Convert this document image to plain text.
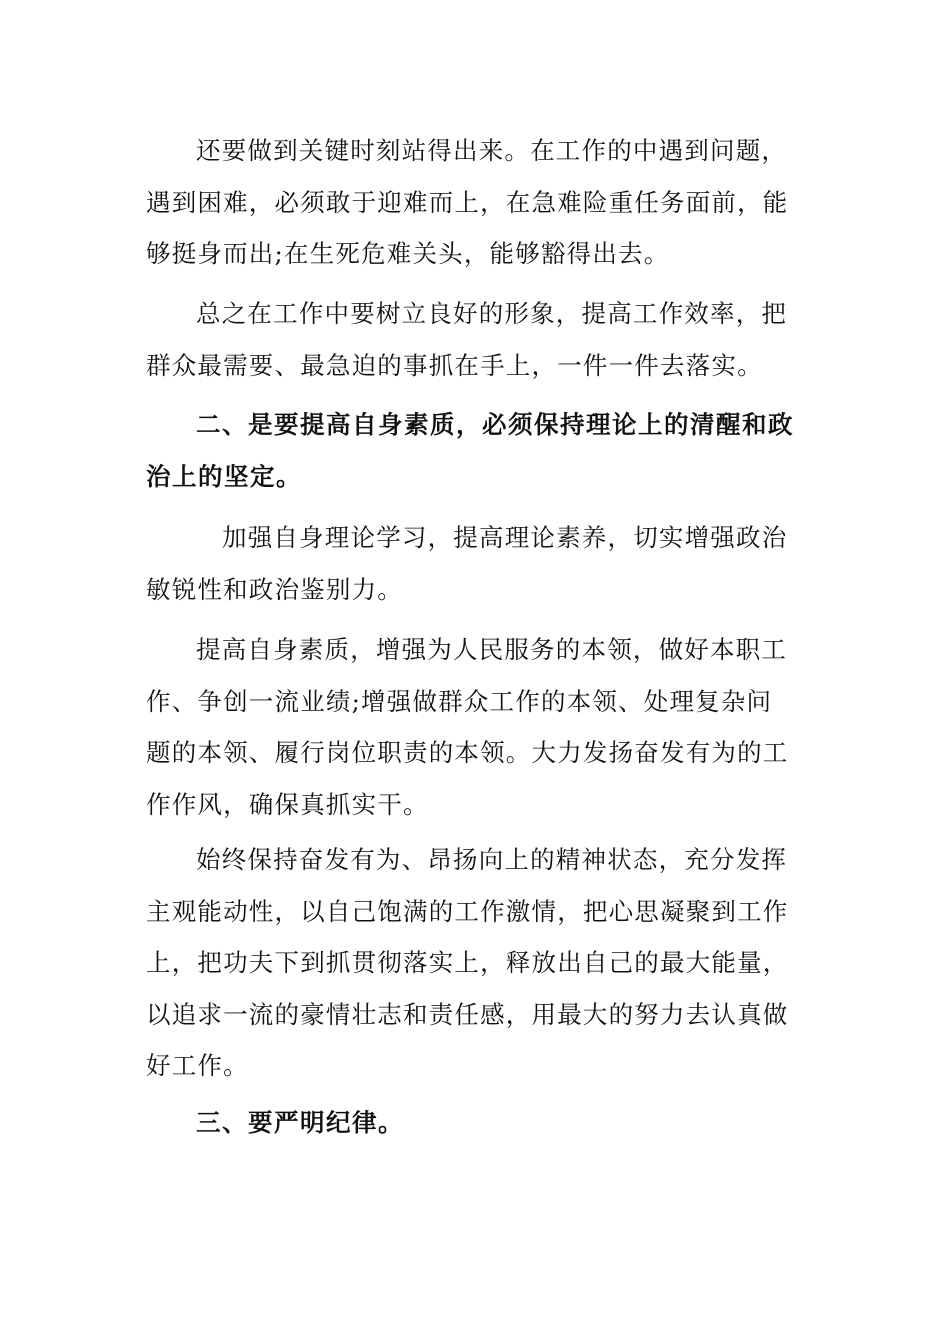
还要做到关键时刻站得出来。在工作的中遇到问题，遇到困难，必须敢于迎难而上，在急难险重任务面前，能够挺身而出;在生死危难关头，能够豁得出去。

总之在工作中要树立良好的形象，提高工作效率，把群众最需要、最急迫的事抓在手上，一件一件去落实。

二、是要提高自身素质，必须保持理论上的清醒和政治上的坚定。

加强自身理论学习，提高理论素养，切实增强政治敏锐性和政治鉴别力。

提高自身素质，增强为人民服务的本领，做好本职工作、争创一流业绩;增强做群众工作的本领、处理复杂问题的本领、履行岗位职责的本领。大力发扬奋发有为的工作作风，确保真抓实干。

始终保持奋发有为、昂扬向上的精神状态，充分发挥主观能动性，以自己饱满的工作激情，把心思凝聚到工作上，把功夫下到抓贯彻落实上，释放出自己的最大能量，以追求一流的豪情壮志和责任感，用最大的努力去认真做好工作。

三、要严明纪律。
